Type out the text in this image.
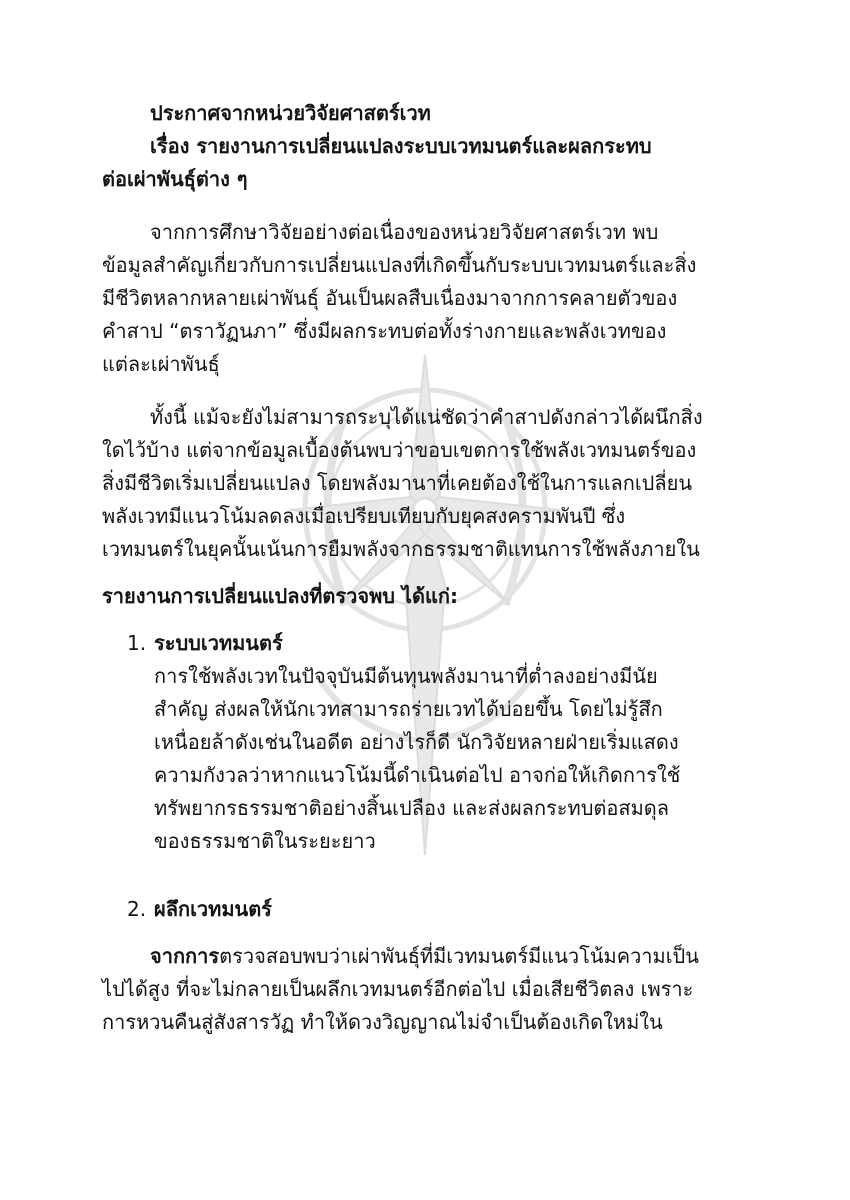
ประกาศจากหน่วยวิจัยศาสตร์เวท
เรื่อง รายงานการเปลี่ยนแปลงระบบเวทมนตร์และผลกระทบ
ต่อเผ่าพันธุ์ต่าง ๆ
จากการศึกษาวิจัยอย่างต่อเนื่องของหน่วยวิจัยศาสตร์เวท พบ
ข้อมูลสำคัญเกี่ยวกับการเปลี่ยนแปลงที่เกิดขึ้นกับระบบเวทมนตร์และสิ่ง
มีชีวิตหลากหลายเผ่าพันธุ์ อันเป็นผลสืบเนื่องมาจากการคลายตัวของ
คำสาป “ตราวัฏนภา” ซึ่งมีผลกระทบต่อทั้งร่างกายและพลังเวทของ
แต่ละเผ่าพันธุ์
ทั้งนี้ แม้จะยังไม่สามารถระบุได้แน่ชัดว่าคำสาปดังกล่าวได้ผนึกสิ่ง
ใดไว้บ้าง แต่จากข้อมูลเบื้องต้นพบว่าขอบเขตการใช้พลังเวทมนตร์ของ
สิ่งมีชีวิตเริ่มเปลี่ยนแปลง โดยพลังมานาที่เคยต้องใช้ในการแลกเปลี่ยน
พลังเวทมีแนวโน้มลดลงเมื่อเปรียบเทียบกับยุคสงครามพันปี ซึ่ง
เวทมนตร์ในยุคนั้นเน้นการยืมพลังจากธรรมชาติแทนการใช้พลังภายใน
รายงานการเปลี่ยนแปลงที่ตรวจพบ ได้แก่:
1. ระบบเวทมนตร์
การใช้พลังเวทในปัจจุบันมีต้นทุนพลังมานาที่ต่ำลงอย่างมีนัย
สำคัญ ส่งผลให้นักเวทสามารถร่ายเวทได้บ่อยขึ้น โดยไม่รู้สึก
เหนื่อยล้าดังเช่นในอดีต อย่างไรก็ดี นักวิจัยหลายฝ่ายเริ่มแสดง
ความกังวลว่าหากแนวโน้มนี้ดำเนินต่อไป อาจก่อให้เกิดการใช้
ทรัพยากรธรรมชาติอย่างสิ้นเปลือง และส่งผลกระทบต่อสมดุล
ของธรรมชาติในระยะยาว
2. ผลึกเวทมนตร์
จากการตรวจสอบพบว่าเผ่าพันธุ์ที่มีเวทมนตร์มีแนวโน้มความเป็น
ไปได้สูง ที่จะไม่กลายเป็นผลึกเวทมนตร์อีกต่อไป เมื่อเสียชีวิตลง เพราะ
การหวนคืนสู่สังสารวัฏ ทำให้ดวงวิญญาณไม่จำเป็นต้องเกิดใหม่ใน
